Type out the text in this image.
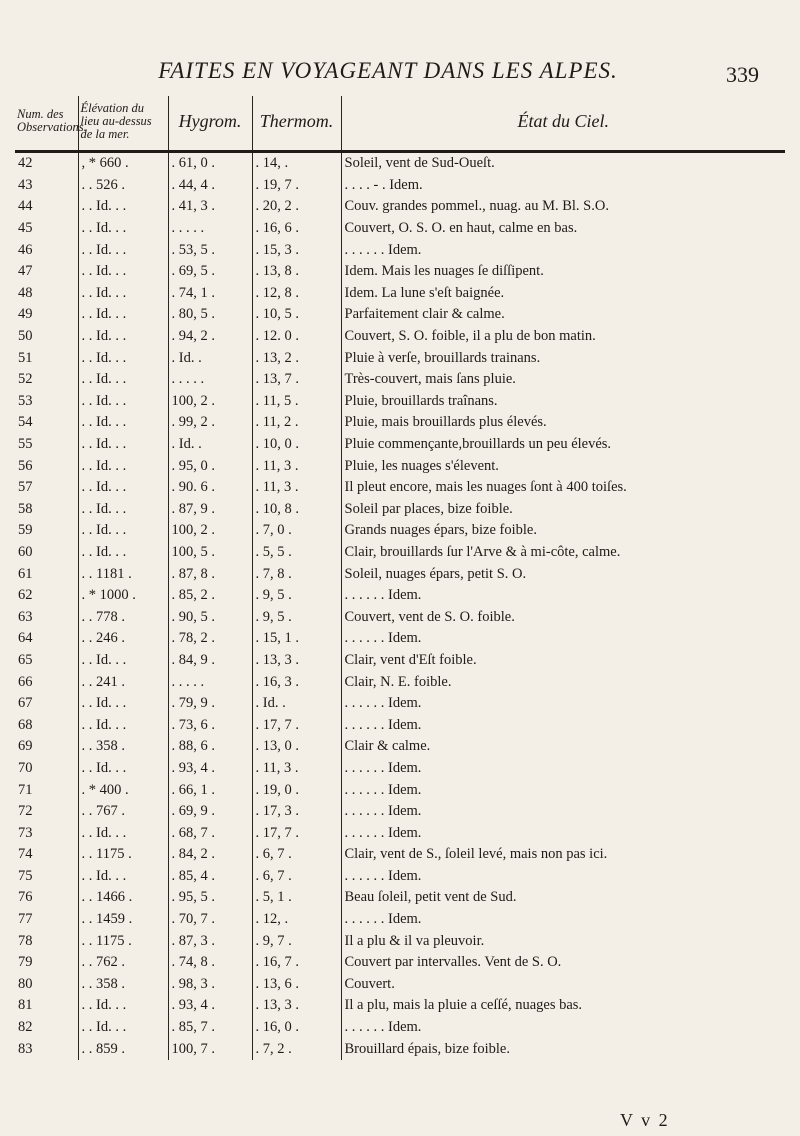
FAITES EN VOYAGEANT DANS LES ALPES.	339
Num. des Observations.	Élévation du lieu au-dessus de la mer.	Hygrom.	Thermom.	État du Ciel.
42	, * 660 .	. 61, 0 .	. 14, .	Soleil, vent de Sud-Oueſt.
43	. . 526 .	. 44, 4 .	. 19, 7 .	. . . . - . Idem.
44	. . Id. . .	. 41, 3 .	. 20, 2 .	Couv. grandes pommel., nuag. au M. Bl. S.O.
45	. . Id. . .	. . . . .	. 16, 6 .	Couvert, O. S. O. en haut, calme en bas.
46	. . Id. . .	. 53, 5 .	. 15, 3 .	. . . . . . Idem.
47	. . Id. . .	. 69, 5 .	. 13, 8 .	Idem. Mais les nuages ſe diſſipent.
48	. . Id. . .	. 74, 1 .	. 12, 8 .	Idem. La lune s'eſt baignée.
49	. . Id. . .	. 80, 5 .	. 10, 5 .	Parfaitement clair & calme.
50	. . Id. . .	. 94, 2 .	. 12. 0 .	Couvert, S. O. foible, il a plu de bon matin.
51	. . Id. . .	. Id. .	. 13, 2 .	Pluie à verſe, brouillards trainans.
52	. . Id. . .	. . . . .	. 13, 7 .	Très-couvert, mais ſans pluie.
53	. . Id. . .	100, 2 .	. 11, 5 .	Pluie, brouillards traînans.
54	. . Id. . .	. 99, 2 .	. 11, 2 .	Pluie, mais brouillards plus élevés.
55	. . Id. . .	. Id. .	. 10, 0 .	Pluie commençante,brouillards un peu élevés.
56	. . Id. . .	. 95, 0 .	. 11, 3 .	Pluie, les nuages s'élevent.
57	. . Id. . .	. 90. 6 .	. 11, 3 .	Il pleut encore, mais les nuages ſont à 400 toiſes.
58	. . Id. . .	. 87, 9 .	. 10, 8 .	Soleil par places, bize foible.
59	. . Id. . .	100, 2 .	. 7, 0 .	Grands nuages épars, bize foible.
60	. . Id. . .	100, 5 .	. 5, 5 .	Clair, brouillards ſur l'Arve & à mi-côte, calme.
61	. . 1181 .	. 87, 8 .	. 7, 8 .	Soleil, nuages épars, petit S. O.
62	. * 1000 .	. 85, 2 .	. 9, 5 .	. . . . . . Idem.
63	. . 778 .	. 90, 5 .	. 9, 5 .	Couvert, vent de S. O. foible.
64	. . 246 .	. 78, 2 .	. 15, 1 .	. . . . . . Idem.
65	. . Id. . .	. 84, 9 .	. 13, 3 .	Clair, vent d'Eſt foible.
66	. . 241 .	. . . . .	. 16, 3 .	Clair, N. E. foible.
67	. . Id. . .	. 79, 9 .	. Id. .	. . . . . . Idem.
68	. . Id. . .	. 73, 6 .	. 17, 7 .	. . . . . . Idem.
69	. . 358 .	. 88, 6 .	. 13, 0 .	Clair & calme.
70	. . Id. . .	. 93, 4 .	. 11, 3 .	. . . . . . Idem.
71	. * 400 .	. 66, 1 .	. 19, 0 .	. . . . . . Idem.
72	. . 767 .	. 69, 9 .	. 17, 3 .	. . . . . . Idem.
73	. . Id. . .	. 68, 7 .	. 17, 7 .	. . . . . . Idem.
74	. . 1175 .	. 84, 2 .	. 6, 7 .	Clair, vent de S., ſoleil levé, mais non pas ici.
75	. . Id. . .	. 85, 4 .	. 6, 7 .	. . . . . . Idem.
76	. . 1466 .	. 95, 5 .	. 5, 1 .	Beau ſoleil, petit vent de Sud.
77	. . 1459 .	. 70, 7 .	. 12, .	. . . . . . Idem.
78	. . 1175 .	. 87, 3 .	. 9, 7 .	Il a plu & il va pleuvoir.
79	. . 762 .	. 74, 8 .	. 16, 7 .	Couvert par intervalles. Vent de S. O.
80	. . 358 .	. 98, 3 .	. 13, 6 .	Couvert.
81	. . Id. . .	. 93, 4 .	. 13, 3 .	Il a plu, mais la pluie a ceſſé, nuages bas.
82	. . Id. . .	. 85, 7 .	. 16, 0 .	. . . . . . Idem.
83	. . 859 .	100, 7 .	. 7, 2 .	Brouillard épais, bize foible.
V v 2
